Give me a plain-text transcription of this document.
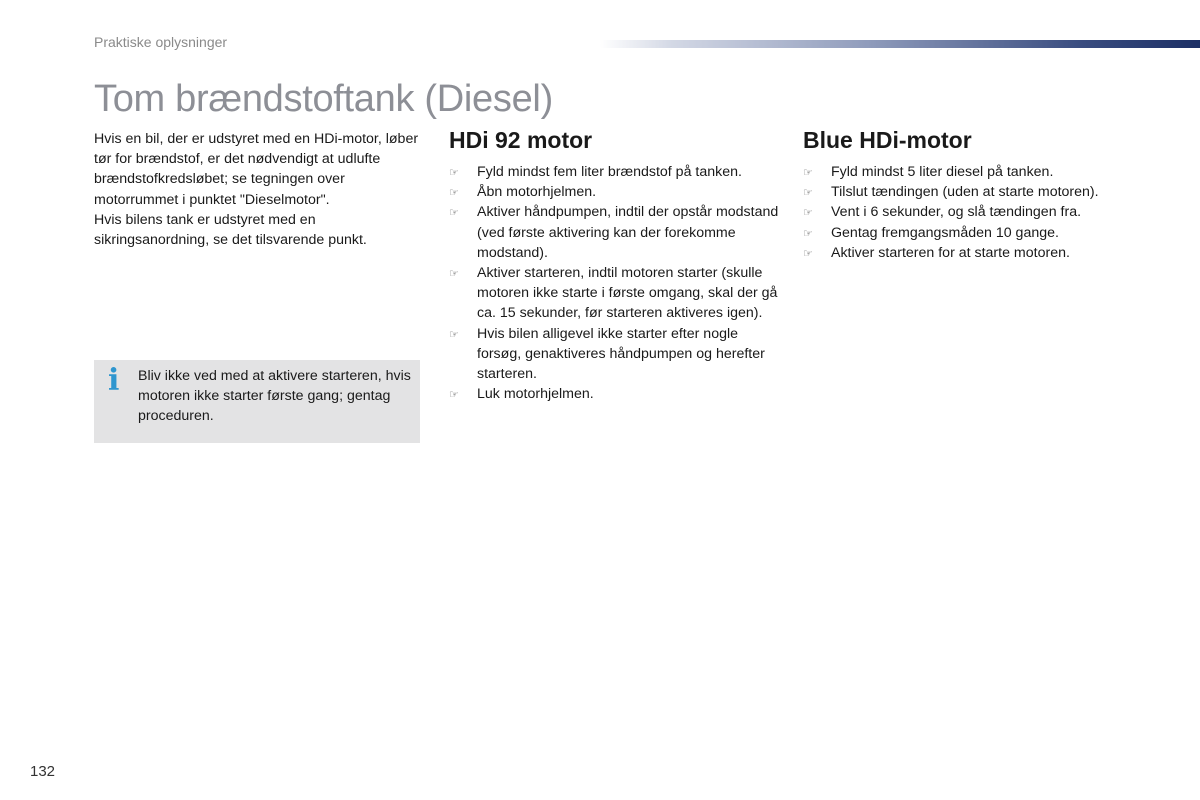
Praktiske oplysninger
Tom brændstoftank (Diesel)

Hvis en bil, der er udstyret med en HDi-motor, løber tør for brændstof, er det nødvendigt at udlufte brændstofkredsløbet; se tegningen over motorrummet i punktet "Dieselmotor".

Hvis bilens tank er udstyret med en sikringsanordning, se det tilsvarende punkt.

i Bliv ikke ved med at aktivere starteren, hvis motoren ikke starter første gang; gentag proceduren.
HDi 92 motor
☞ Fyld mindst fem liter brændstof på tanken.
☞ Åbn motorhjelmen.
☞ Aktiver håndpumpen, indtil der opstår modstand (ved første aktivering kan der forekomme modstand).
☞ Aktiver starteren, indtil motoren starter (skulle motoren ikke starte i første omgang, skal der gå ca. 15 sekunder, før starteren aktiveres igen).
☞ Hvis bilen alligevel ikke starter efter nogle forsøg, genaktiveres håndpumpen og herefter starteren.
☞ Luk motorhjelmen.
Blue HDi-motor
☞ Fyld mindst 5 liter diesel på tanken.
☞ Tilslut tændingen (uden at starte motoren).
☞ Vent i 6 sekunder, og slå tændingen fra.
☞ Gentag fremgangsmåden 10 gange.
☞ Aktiver starteren for at starte motoren.
132
